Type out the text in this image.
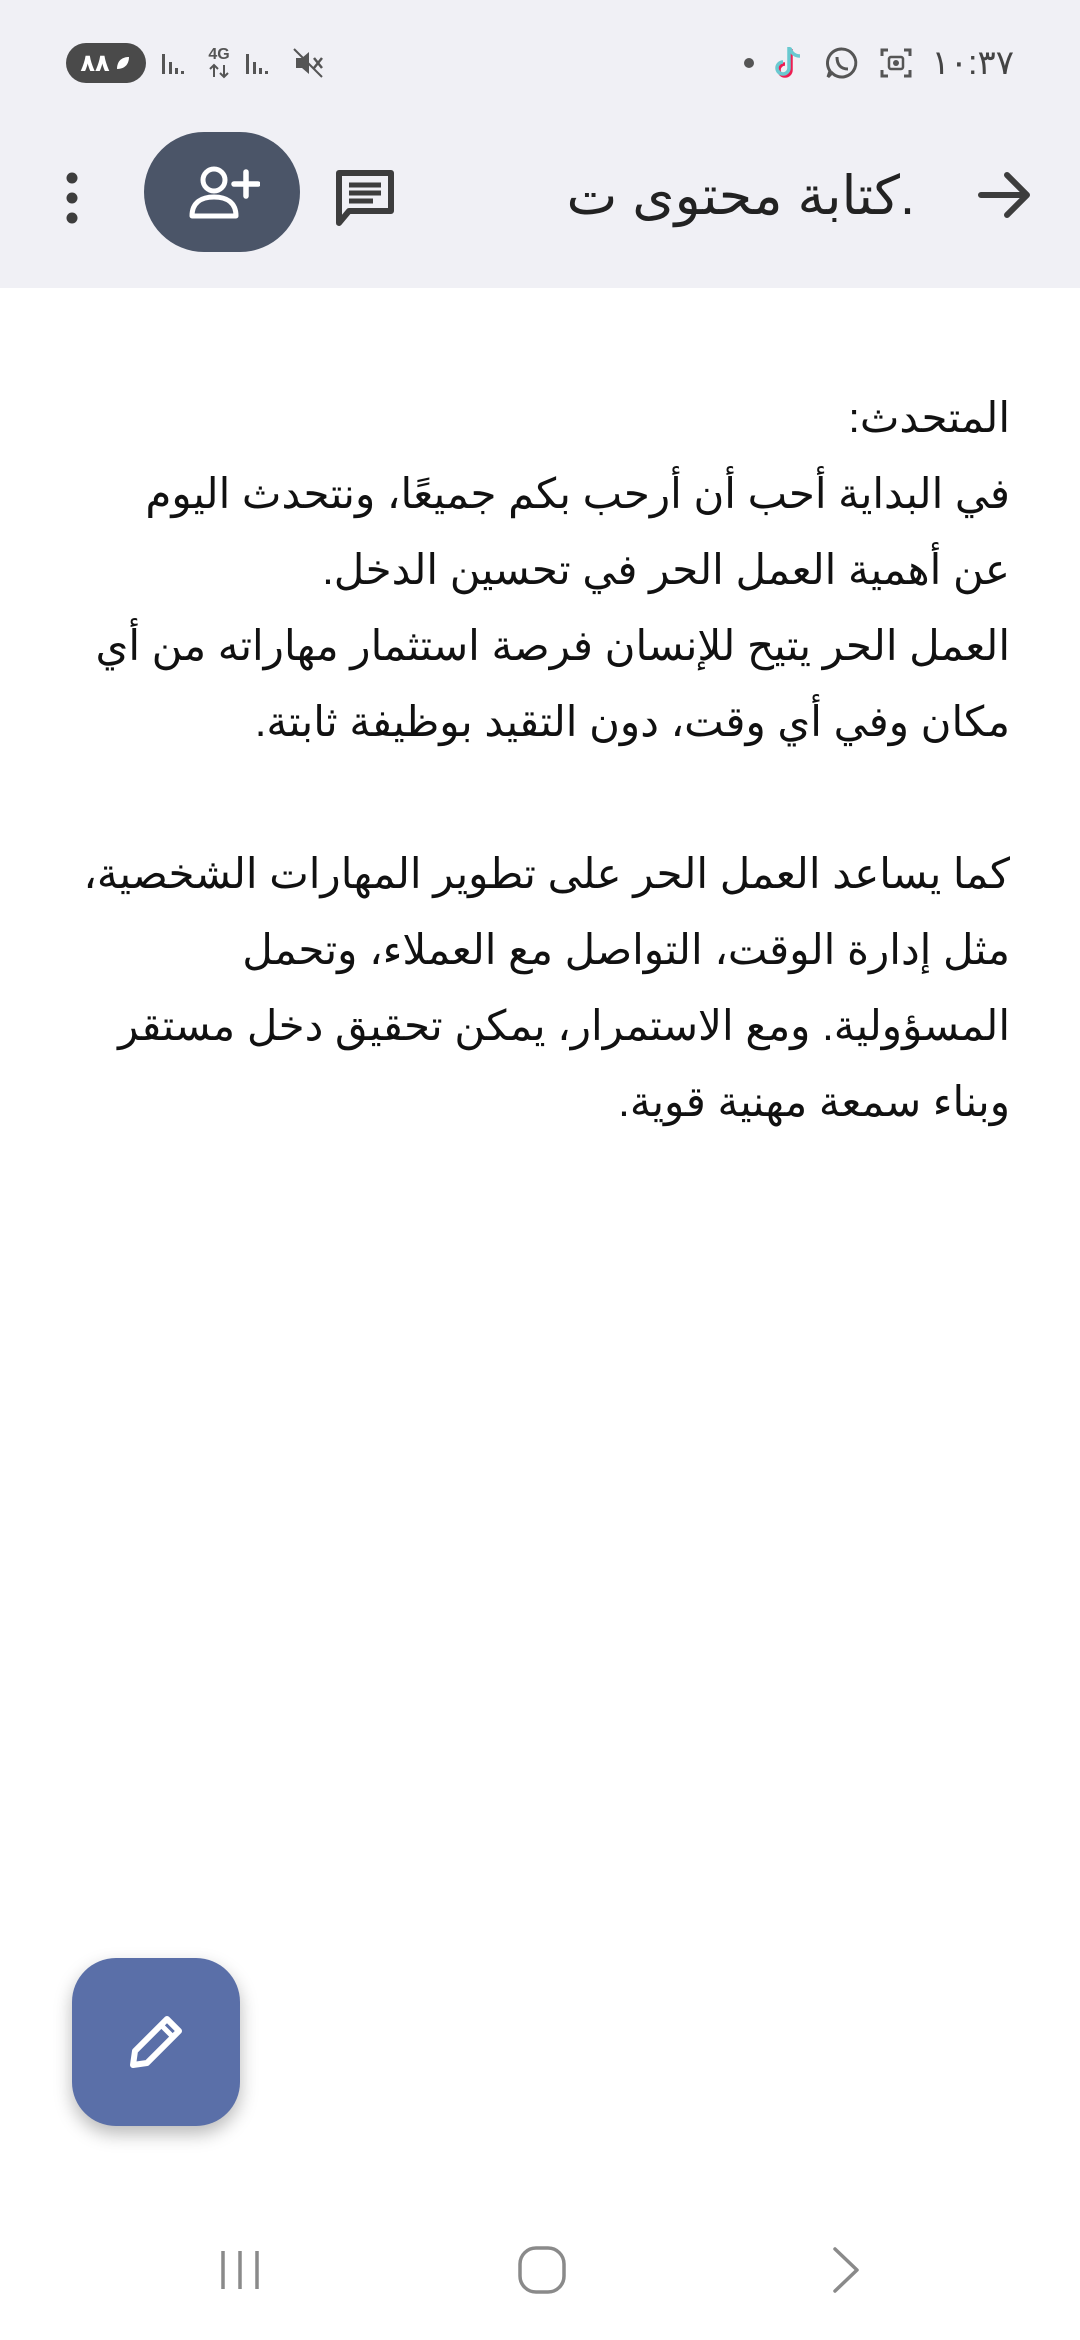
٨٨	4G	١٠:٣٧
.كتابة محتوى ت

المتحدث:
في البداية أحب أن أرحب بكم جميعًا، ونتحدث اليوم عن أهمية العمل الحر في تحسين الدخل.
العمل الحر يتيح للإنسان فرصة استثمار مهاراته من أي مكان وفي أي وقت، دون التقيد بوظيفة ثابتة.

كما يساعد العمل الحر على تطوير المهارات الشخصية، مثل إدارة الوقت، التواصل مع العملاء، وتحمل المسؤولية. ومع الاستمرار، يمكن تحقيق دخل مستقر وبناء سمعة مهنية قوية.
